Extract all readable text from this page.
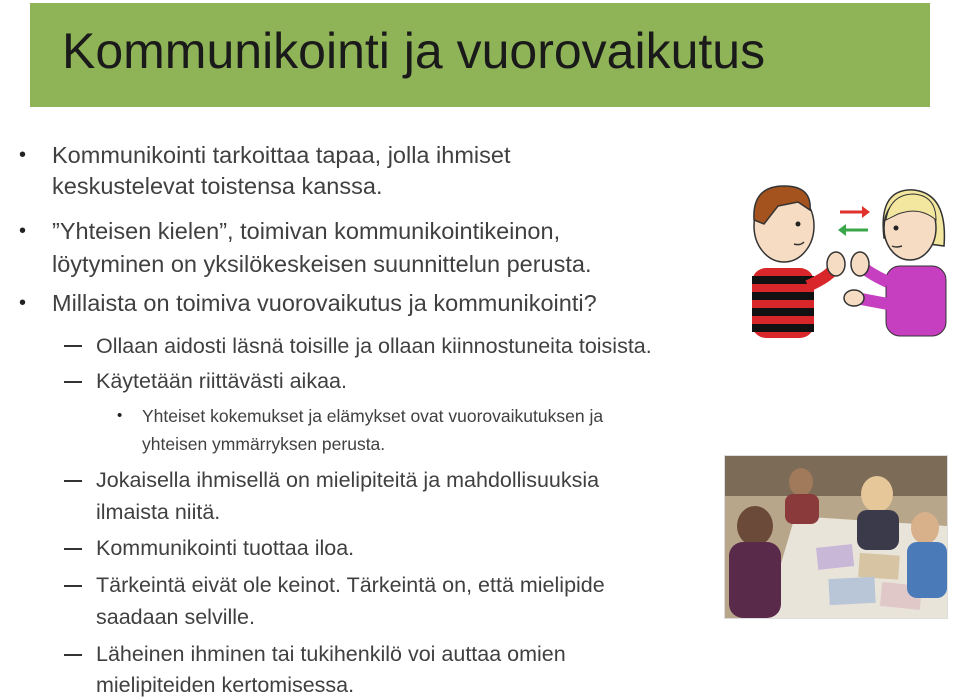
Kommunikointi ja vuorovaikutus
• Kommunikointi tarkoittaa tapaa, jolla ihmiset
keskustelevat toistensa kanssa.
• ”Yhteisen kielen”, toimivan kommunikointikeinon,
löytyminen on yksilökeskeisen suunnittelun perusta.
• Millaista on toimiva vuorovaikutus ja kommunikointi?
Ollaan aidosti läsnä toisille ja ollaan kiinnostuneita toisista.
Käytetään riittävästi aikaa.
• Yhteiset kokemukset ja elämykset ovat vuorovaikutuksen ja
yhteisen ymmärryksen perusta.
Jokaisella ihmisellä on mielipiteitä ja mahdollisuuksia
ilmaista niitä.
Kommunikointi tuottaa iloa.
Tärkeintä eivät ole keinot. Tärkeintä on, että mielipide
saadaan selville.
Läheinen ihminen tai tukihenkilö voi auttaa omien
mielipiteiden kertomisessa.
